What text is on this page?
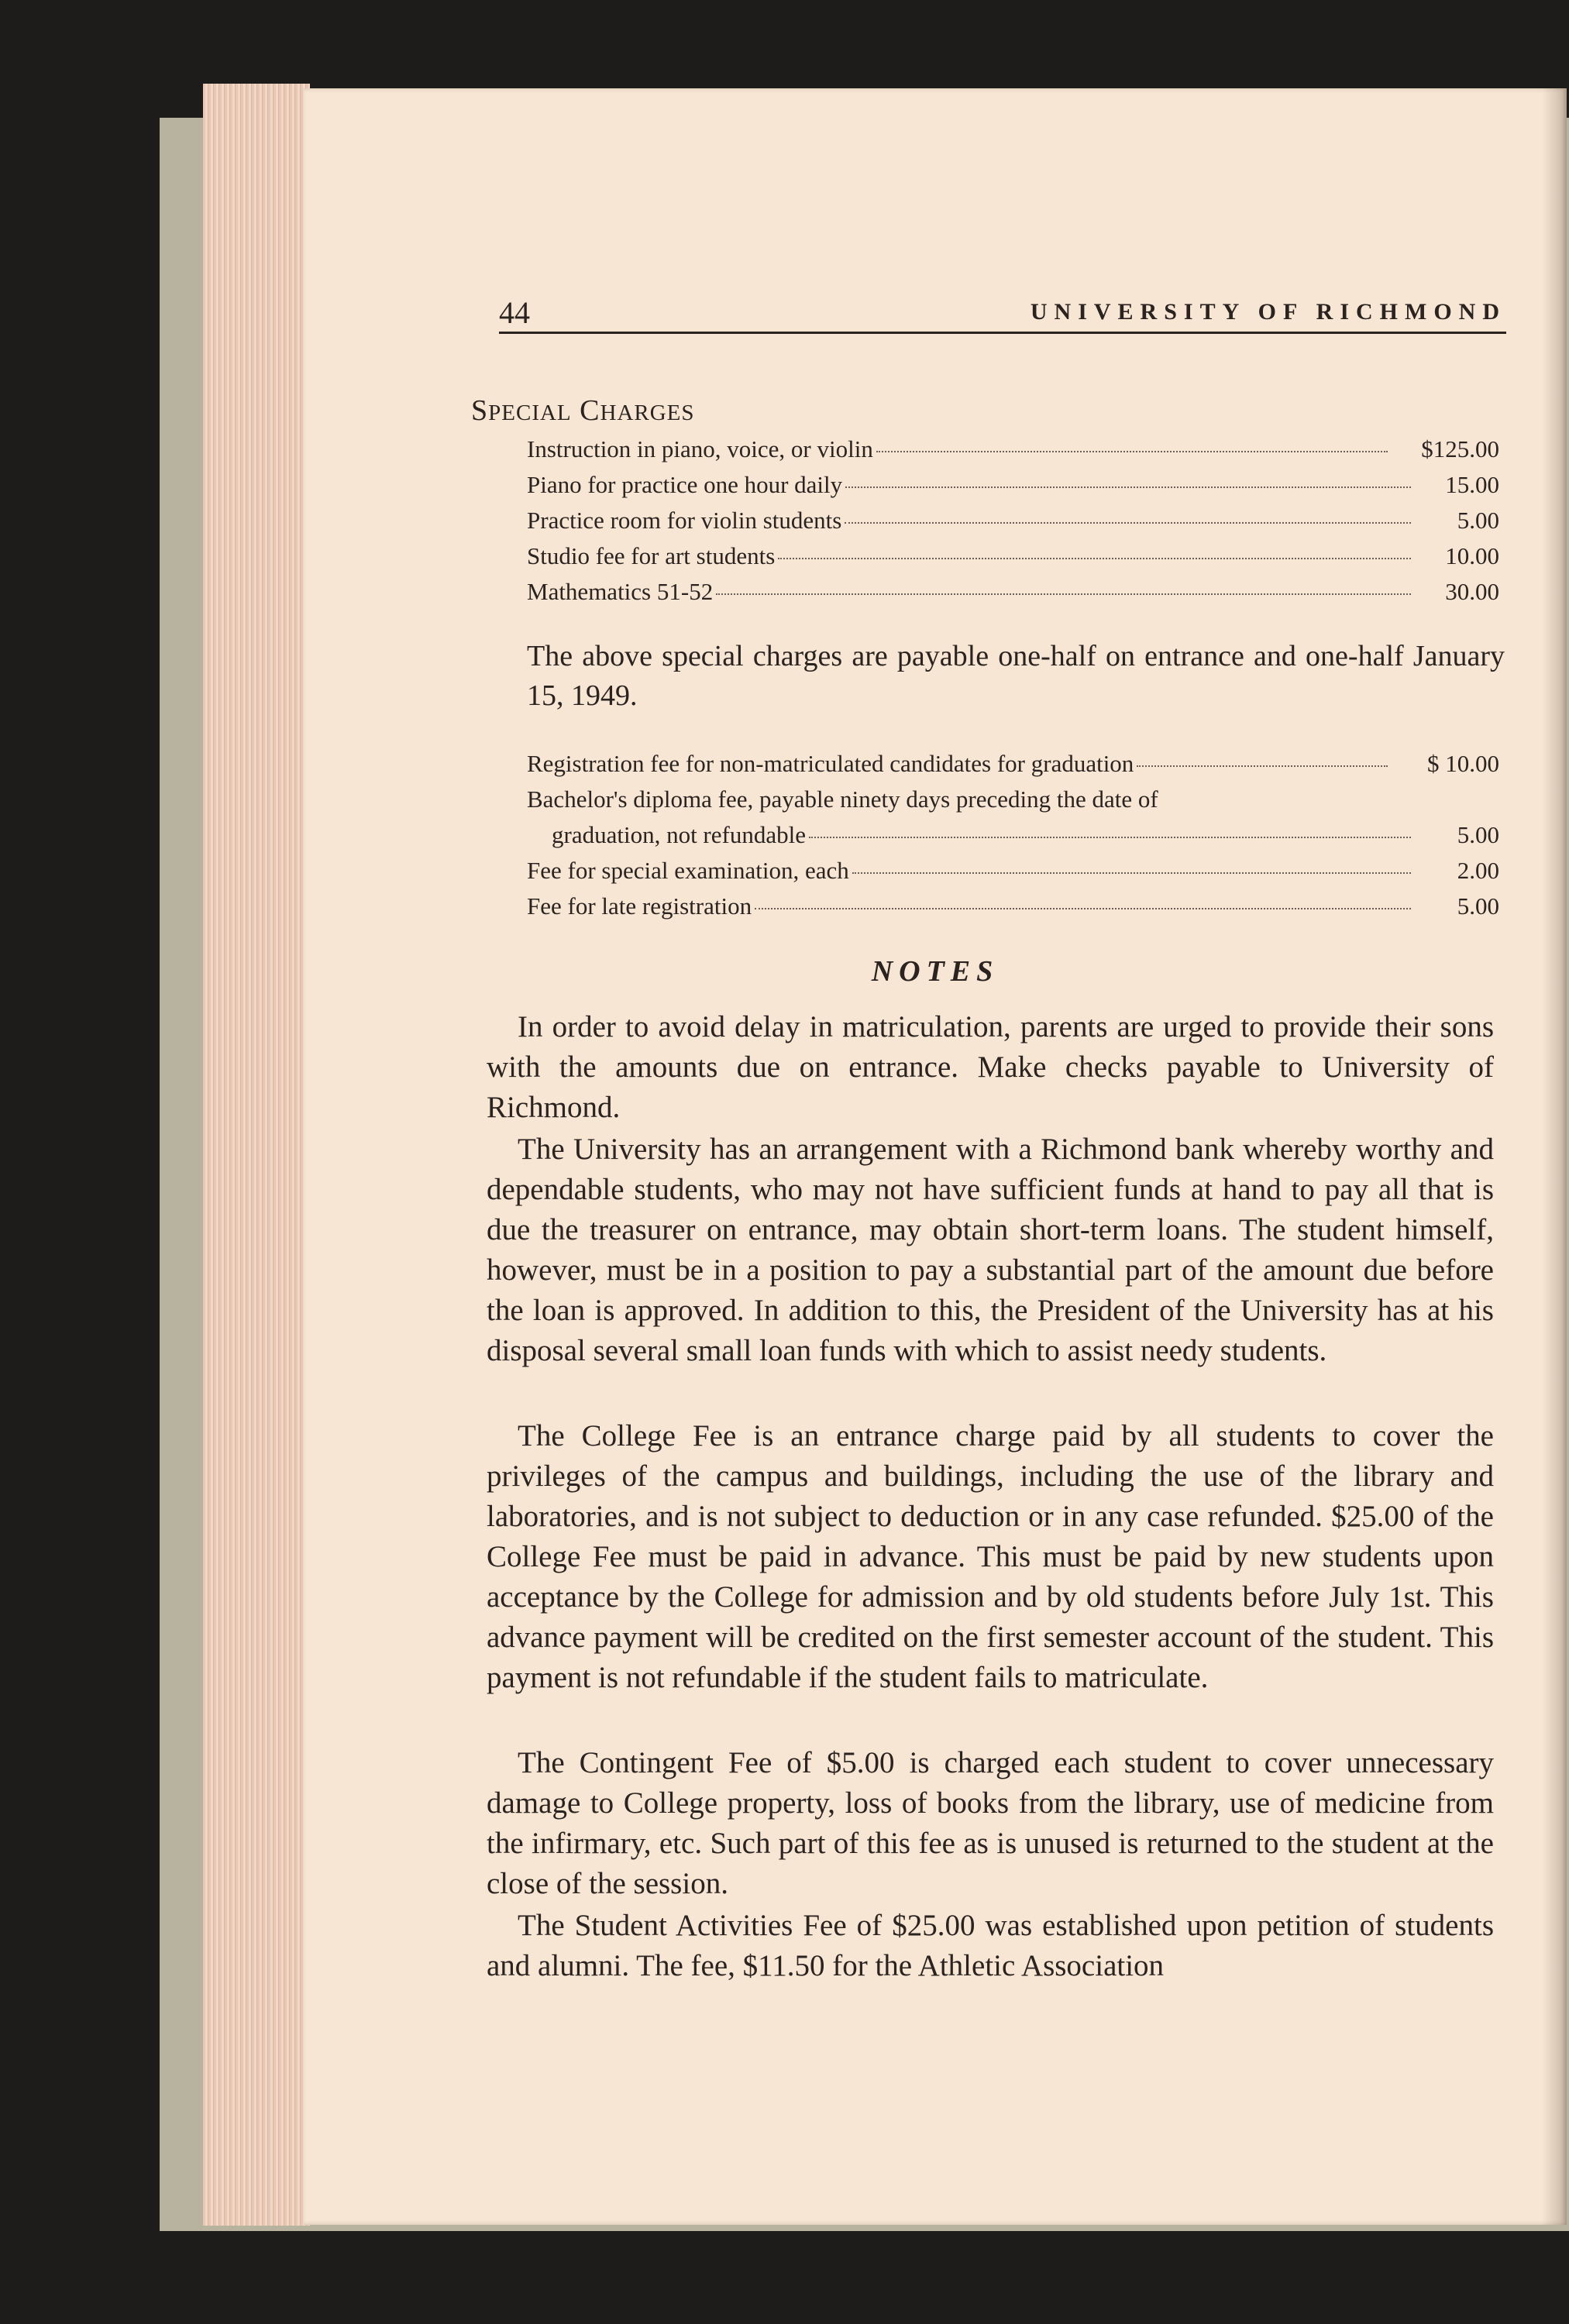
44	UNIVERSITY OF RICHMOND
SPECIAL CHARGES
Instruction in piano, voice, or violin	$125.00
Piano for practice one hour daily	15.00
Practice room for violin students	5.00
Studio fee for art students	10.00
Mathematics 51-52	30.00
The above special charges are payable one-half on entrance and one-half January 15, 1949.
Registration fee for non-matriculated candidates for graduation	$ 10.00
Bachelor's diploma fee, payable ninety days preceding the date of
graduation, not refundable	5.00
Fee for special examination, each	2.00
Fee for late registration	5.00
NOTES
In order to avoid delay in matriculation, parents are urged to provide their sons with the amounts due on entrance. Make checks payable to University of Richmond.
The University has an arrangement with a Richmond bank whereby worthy and dependable students, who may not have sufficient funds at hand to pay all that is due the treasurer on entrance, may obtain short-term loans. The student himself, however, must be in a position to pay a substantial part of the amount due before the loan is approved. In addition to this, the President of the University has at his disposal several small loan funds with which to assist needy students.
The College Fee is an entrance charge paid by all students to cover the privileges of the campus and buildings, including the use of the library and laboratories, and is not subject to deduction or in any case refunded. $25.00 of the College Fee must be paid in advance. This must be paid by new students upon acceptance by the College for admission and by old students before July 1st. This advance payment will be credited on the first semester account of the student. This payment is not refundable if the student fails to matriculate.
The Contingent Fee of $5.00 is charged each student to cover unnecessary damage to College property, loss of books from the library, use of medicine from the infirmary, etc. Such part of this fee as is unused is returned to the student at the close of the session.
The Student Activities Fee of $25.00 was established upon petition of students and alumni. The fee, $11.50 for the Athletic Association
